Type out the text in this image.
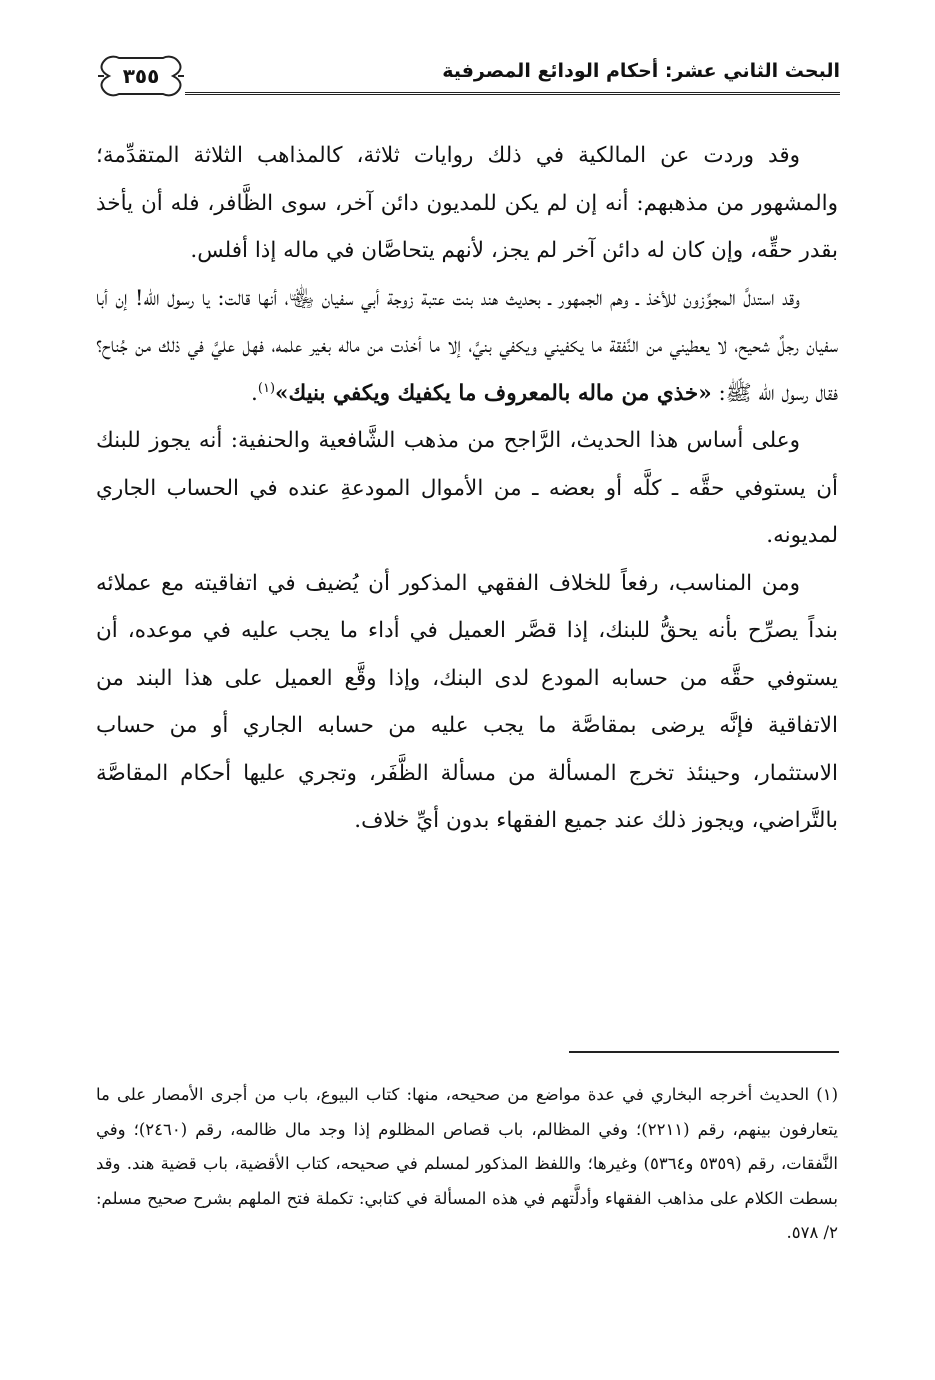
البحث الثاني عشر: أحكام الودائع المصرفية
٣٥٥

وقد وردت عن المالكية في ذلك روايات ثلاثة، كالمذاهب الثلاثة المتقدِّمة؛ والمشهور من مذهبهم: أنه إن لم يكن للمديون دائن آخر، سوى الظَّافر، فله أن يأخذ بقدر حقِّه، وإن كان له دائن آخر لم يجز، لأنهم يتحاصَّان في ماله إذا أفلس.

وقد استدلَّ المجوِّزون للأخذ ـ وهم الجمهور ـ بحديث هند بنت عتبة زوجة أبي سفيان ﵄، أنها قالت: يا رسول الله! إن أبا سفيان رجلٌ شحيح، لا يعطيني من النَّفقة ما يكفيني ويكفي بنيَّ، إلا ما أخذت من ماله بغير علمه، فهل عليَّ في ذلك من جُناح؟ فقال رسول الله ﷺ: «خذي من ماله بالمعروف ما يكفيك ويكفي بنيك»$^{(١)}$.

وعلى أساس هذا الحديث، الرَّاجح من مذهب الشَّافعية والحنفية: أنه يجوز للبنك أن يستوفي حقَّه ـ كلَّه أو بعضه ـ من الأموال المودعةِ عنده في الحساب الجاري لمديونه.

ومن المناسب، رفعاً للخلاف الفقهي المذكور أن يُضيف في اتفاقيته مع عملائه بنداً يصرِّح بأنه يحقُّ للبنك، إذا قصَّر العميل في أداء ما يجب عليه في موعده، أن يستوفي حقَّه من حسابه المودع لدى البنك، وإذا وقَّع العميل على هذا البند من الاتفاقية فإنَّه يرضى بمقاصَّة ما يجب عليه من حسابه الجاري أو من حساب الاستثمار، وحينئذ تخرج المسألة من مسألة الظَّفَر، وتجري عليها أحكام المقاصَّة بالتَّراضي، ويجوز ذلك عند جميع الفقهاء بدون أيِّ خلاف.

(١) الحديث أخرجه البخاري في عدة مواضع من صحيحه، منها: كتاب البيوع، باب من أجرى الأمصار على ما يتعارفون بينهم، رقم (٢٢١١)؛ وفي المظالم، باب قصاص المظلوم إذا وجد مال ظالمه، رقم (٢٤٦٠)؛ وفي النَّفقات، رقم (٥٣٥٩ و٥٣٦٤) وغيرها؛ واللفظ المذكور لمسلم في صحيحه، كتاب الأقضية، باب قضية هند. وقد بسطت الكلام على مذاهب الفقهاء وأدلَّتهم في هذه المسألة في كتابي: تكملة فتح الملهم بشرح صحيح مسلم: ٢/ ٥٧٨.
